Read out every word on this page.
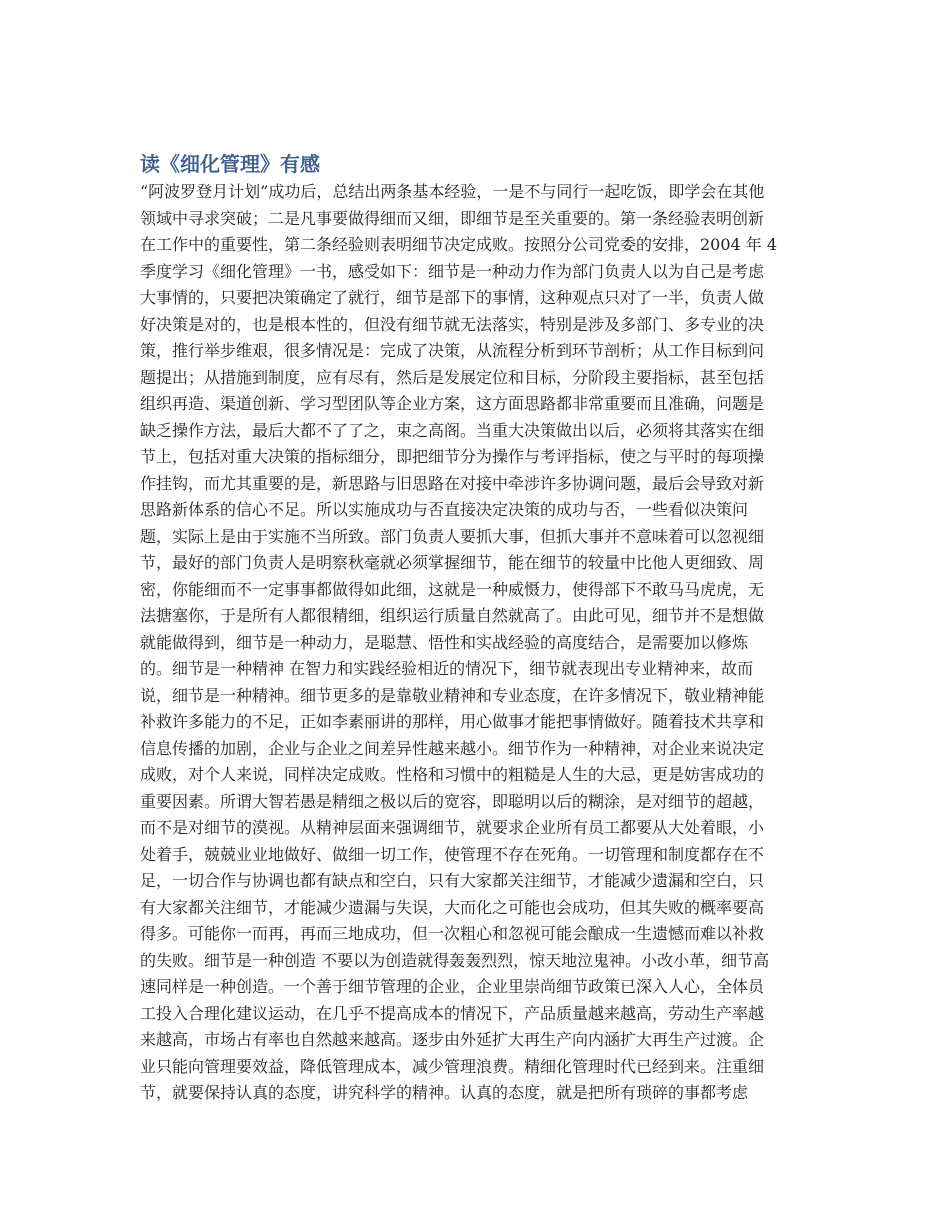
读《细化管理》有感
“阿波罗登月计划”成功后，总结出两条基本经验，一是不与同行一起吃饭，即学会在其他
领域中寻求突破；二是凡事要做得细而又细，即细节是至关重要的。第一条经验表明创新
在工作中的重要性，第二条经验则表明细节决定成败。按照分公司党委的安排，2004 年 4
季度学习《细化管理》一书，感受如下：细节是一种动力作为部门负责人以为自己是考虑
大事情的，只要把决策确定了就行，细节是部下的事情，这种观点只对了一半，负责人做
好决策是对的，也是根本性的，但没有细节就无法落实，特别是涉及多部门、多专业的决
策，推行举步维艰，很多情况是：完成了决策，从流程分析到环节剖析；从工作目标到问
题提出；从措施到制度，应有尽有，然后是发展定位和目标，分阶段主要指标，甚至包括
组织再造、渠道创新、学习型团队等企业方案，这方面思路都非常重要而且准确，问题是
缺乏操作方法，最后大都不了了之，束之高阁。当重大决策做出以后，必须将其落实在细
节上，包括对重大决策的指标细分，即把细节分为操作与考评指标，使之与平时的每项操
作挂钩，而尤其重要的是，新思路与旧思路在对接中牵涉许多协调问题，最后会导致对新
思路新体系的信心不足。所以实施成功与否直接决定决策的成功与否，一些看似决策问
题，实际上是由于实施不当所致。部门负责人要抓大事，但抓大事并不意味着可以忽视细
节，最好的部门负责人是明察秋毫就必须掌握细节，能在细节的较量中比他人更细致、周
密，你能细而不一定事事都做得如此细，这就是一种威慑力，使得部下不敢马马虎虎，无
法搪塞你，于是所有人都很精细，组织运行质量自然就高了。由此可见，细节并不是想做
就能做得到，细节是一种动力，是聪慧、悟性和实战经验的高度结合，是需要加以修炼
的。细节是一种精神 在智力和实践经验相近的情况下，细节就表现出专业精神来，故而
说，细节是一种精神。细节更多的是靠敬业精神和专业态度，在许多情况下，敬业精神能
补救许多能力的不足，正如李素丽讲的那样，用心做事才能把事情做好。随着技术共享和
信息传播的加剧，企业与企业之间差异性越来越小。细节作为一种精神，对企业来说决定
成败，对个人来说，同样决定成败。性格和习惯中的粗糙是人生的大忌，更是妨害成功的
重要因素。所谓大智若愚是精细之极以后的宽容，即聪明以后的糊涂，是对细节的超越，
而不是对细节的漠视。从精神层面来强调细节，就要求企业所有员工都要从大处着眼，小
处着手，兢兢业业地做好、做细一切工作，使管理不存在死角。一切管理和制度都存在不
足，一切合作与协调也都有缺点和空白，只有大家都关注细节，才能减少遗漏和空白，只
有大家都关注细节，才能减少遗漏与失误，大而化之可能也会成功，但其失败的概率要高
得多。可能你一而再，再而三地成功，但一次粗心和忽视可能会酿成一生遗憾而难以补救
的失败。细节是一种创造 不要以为创造就得轰轰烈烈，惊天地泣鬼神。小改小革，细节高
速同样是一种创造。一个善于细节管理的企业，企业里崇尚细节政策已深入人心，全体员
工投入合理化建议运动，在几乎不提高成本的情况下，产品质量越来越高，劳动生产率越
来越高，市场占有率也自然越来越高。逐步由外延扩大再生产向内涵扩大再生产过渡。企
业只能向管理要效益，降低管理成本，减少管理浪费。精细化管理时代已经到来。注重细
节，就要保持认真的态度，讲究科学的精神。认真的态度，就是把所有琐碎的事都考虑
